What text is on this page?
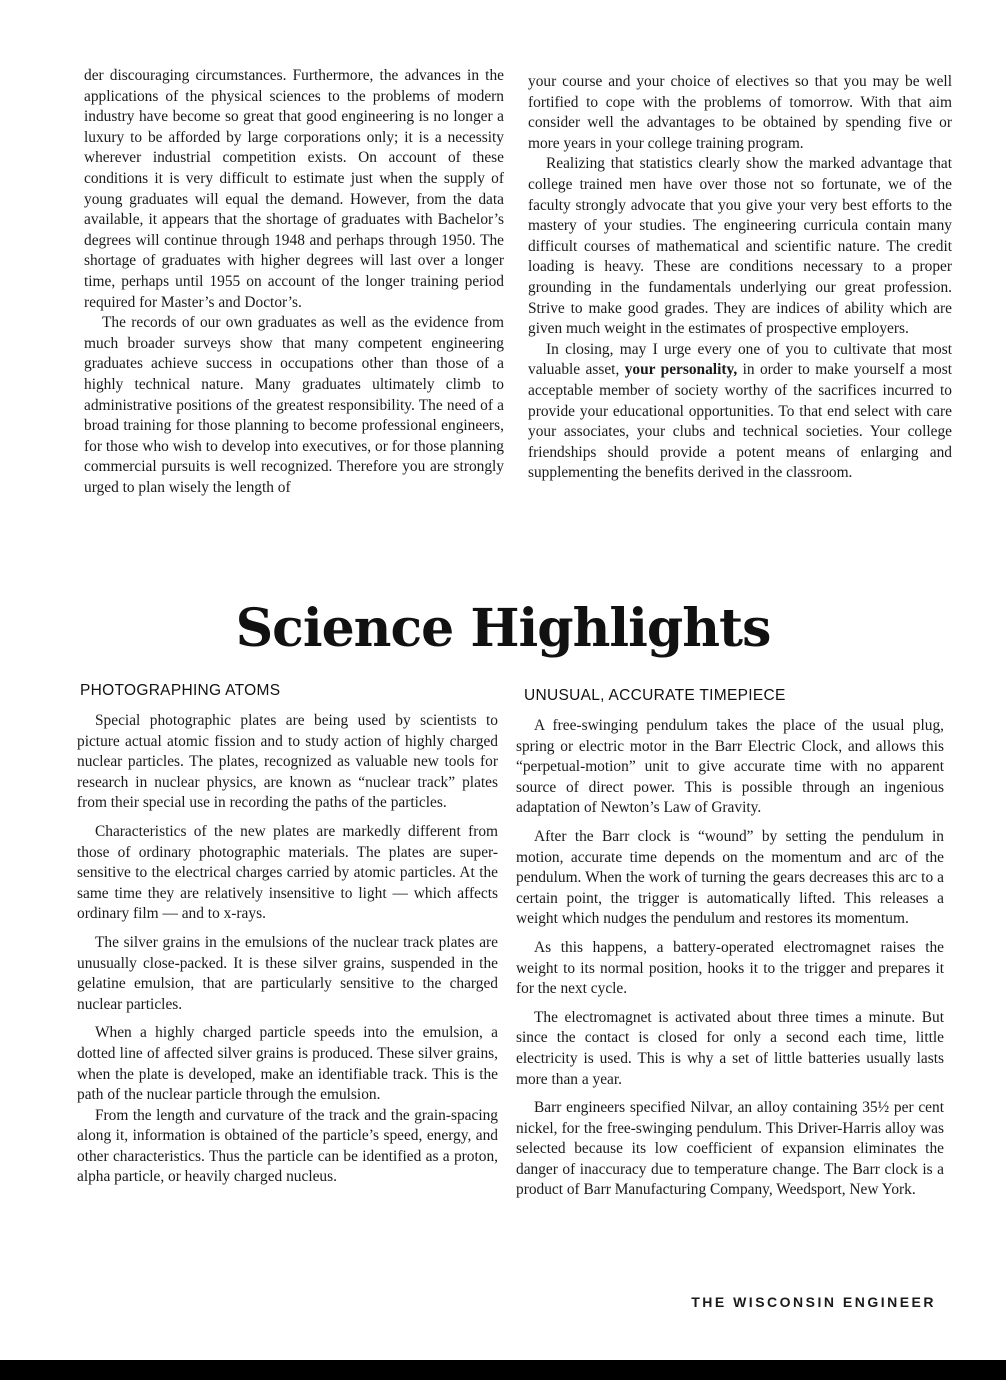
der discouraging circumstances. Furthermore, the advances in the applications of the physical sciences to the problems of modern industry have become so great that good engineering is no longer a luxury to be afforded by large corporations only; it is a necessity wherever industrial competition exists. On account of these conditions it is very difficult to estimate just when the supply of young graduates will equal the demand. However, from the data available, it appears that the shortage of graduates with Bachelor’s degrees will continue through 1948 and perhaps through 1950. The shortage of graduates with higher degrees will last over a longer time, perhaps until 1955 on account of the longer training period required for Master’s and Doctor’s.

The records of our own graduates as well as the evidence from much broader surveys show that many competent engineering graduates achieve success in occupations other than those of a highly technical nature. Many graduates ultimately climb to administrative positions of the greatest responsibility. The need of a broad training for those planning to become professional engineers, for those who wish to develop into executives, or for those planning commercial pursuits is well recognized. Therefore you are strongly urged to plan wisely the length of

your course and your choice of electives so that you may be well fortified to cope with the problems of tomorrow. With that aim consider well the advantages to be obtained by spending five or more years in your college training program.

Realizing that statistics clearly show the marked advantage that college trained men have over those not so fortunate, we of the faculty strongly advocate that you give your very best efforts to the mastery of your studies. The engineering curricula contain many difficult courses of mathematical and scientific nature. The credit loading is heavy. These are conditions necessary to a proper grounding in the fundamentals underlying our great profession. Strive to make good grades. They are indices of ability which are given much weight in the estimates of prospective employers.

In closing, may I urge every one of you to cultivate that most valuable asset, your personality, in order to make yourself a most acceptable member of society worthy of the sacrifices incurred to provide your educational opportunities. To that end select with care your associates, your clubs and technical societies. Your college friendships should provide a potent means of enlarging and supplementing the benefits derived in the classroom.

Science Highlights
PHOTOGRAPHING ATOMS	UNUSUAL, ACCURATE TIMEPIECE

Special photographic plates are being used by scientists to picture actual atomic fission and to study action of highly charged nuclear particles. The plates, recognized as valuable new tools for research in nuclear physics, are known as “nuclear track” plates from their special use in recording the paths of the particles.

Characteristics of the new plates are markedly different from those of ordinary photographic materials. The plates are super-sensitive to the electrical charges carried by atomic particles. At the same time they are relatively insensitive to light — which affects ordinary film — and to x-rays.

The silver grains in the emulsions of the nuclear track plates are unusually close-packed. It is these silver grains, suspended in the gelatine emulsion, that are particularly sensitive to the charged nuclear particles.

When a highly charged particle speeds into the emulsion, a dotted line of affected silver grains is produced. These silver grains, when the plate is developed, make an identifiable track. This is the path of the nuclear particle through the emulsion.

From the length and curvature of the track and the grain-spacing along it, information is obtained of the particle’s speed, energy, and other characteristics. Thus the particle can be identified as a proton, alpha particle, or heavily charged nucleus.

A free-swinging pendulum takes the place of the usual plug, spring or electric motor in the Barr Electric Clock, and allows this “perpetual-motion” unit to give accurate time with no apparent source of direct power. This is possible through an ingenious adaptation of Newton’s Law of Gravity.

After the Barr clock is “wound” by setting the pendulum in motion, accurate time depends on the momentum and arc of the pendulum. When the work of turning the gears decreases this arc to a certain point, the trigger is automatically lifted. This releases a weight which nudges the pendulum and restores its momentum.

As this happens, a battery-operated electromagnet raises the weight to its normal position, hooks it to the trigger and prepares it for the next cycle.

The electromagnet is activated about three times a minute. But since the contact is closed for only a second each time, little electricity is used. This is why a set of little batteries usually lasts more than a year.

Barr engineers specified Nilvar, an alloy containing 35½ per cent nickel, for the free-swinging pendulum. This Driver-Harris alloy was selected because its low coefficient of expansion eliminates the danger of inaccuracy due to temperature change. The Barr clock is a product of Barr Manufacturing Company, Weedsport, New York.

THE WISCONSIN ENGINEER
